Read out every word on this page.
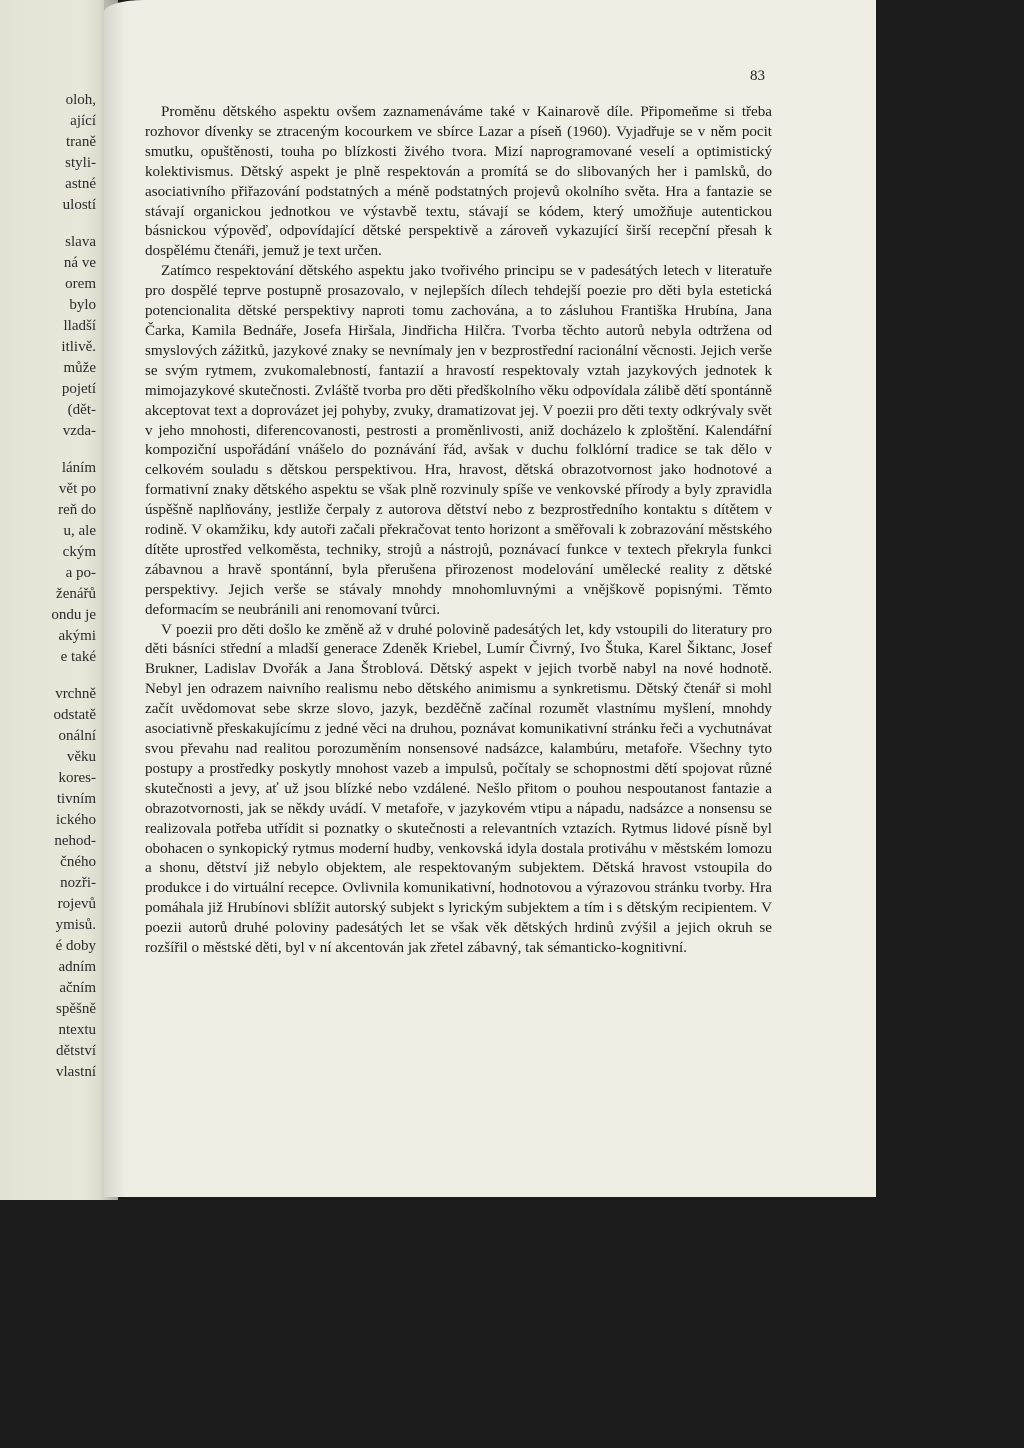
oloh,
ající
traně
styli-
astné
ulostí
slava
ná ve
orem
bylo
lladší
itlivě.
může
pojetí
(dět-
vzda-
láním
vět po
reň do
u, ale
ckým
a po-
ženářů
ondu je
akými
e také
vrchně
odstatě
onální
věku
kores-
tivním
ického
nehod-
čného
nozři-
rojevů
ymisů.
é doby
adním
ačním
spěšně
ntextu
dětství
vlastní
83

Proměnu dětského aspektu ovšem zaznamenáváme také v Kainarově díle. Připomeňme si třeba rozhovor dívenky se ztraceným kocourkem ve sbírce Lazar a píseň (1960). Vyjadřuje se v něm pocit smutku, opuštěnosti, touha po blízkosti živého tvora. Mizí naprogramované veselí a optimistický kolektivismus. Dětský aspekt je plně respektován a promítá se do slibovaných her i pamlsků, do asociativního přiřazování podstatných a méně podstatných projevů okolního světa. Hra a fantazie se stávají organickou jednotkou ve výstavbě textu, stávají se kódem, který umožňuje autentickou básnickou výpověď, odpovídající dětské perspektivě a zároveň vykazující širší recepční přesah k dospělému čtenáři, jemuž je text určen.

Zatímco respektování dětského aspektu jako tvořivého principu se v padesátých letech v literatuře pro dospělé teprve postupně prosazovalo, v nejlepších dílech tehdejší poezie pro děti byla estetická potencionalita dětské perspektivy naproti tomu zachována, a to zásluhou Františka Hrubína, Jana Čarka, Kamila Bednáře, Josefa Hiršala, Jindřicha Hilčra. Tvorba těchto autorů nebyla odtržena od smyslových zážitků, jazykové znaky se nevnímaly jen v bezprostřední racionální věcnosti. Jejich verše se svým rytmem, zvukomalebností, fantazií a hravostí respektovaly vztah jazykových jednotek k mimojazykové skutečnosti. Zvláště tvorba pro děti předškolního věku odpovídala zálibě dětí spontánně akceptovat text a doprovázet jej pohyby, zvuky, dramatizovat jej. V poezii pro děti texty odkrývaly svět v jeho mnohosti, diferencovanosti, pestrosti a proměnlivosti, aniž docházelo k zploštění. Kalendářní kompoziční uspořádání vnášelo do poznávání řád, avšak v duchu folklórní tradice se tak dělo v celkovém souladu s dětskou perspektivou. Hra, hravost, dětská obrazotvornost jako hodnotové a formativní znaky dětského aspektu se však plně rozvinuly spíše ve venkovské přírody a byly zpravidla úspěšně naplňovány, jestliže čerpaly z autorova dětství nebo z bezprostředního kontaktu s dítětem v rodině. V okamžiku, kdy autoři začali překračovat tento horizont a směřovali k zobrazování městského dítěte uprostřed velkoměsta, techniky, strojů a nástrojů, poznávací funkce v textech překryla funkci zábavnou a hravě spontánní, byla přerušena přirozenost modelování umělecké reality z dětské perspektivy. Jejich verše se stávaly mnohdy mnohomluvnými a vnějškově popisnými. Těmto deformacím se neubránili ani renomovaní tvůrci.

V poezii pro děti došlo ke změně až v druhé polovině padesátých let, kdy vstoupili do literatury pro děti básníci střední a mladší generace Zdeněk Kriebel, Lumír Čivrný, Ivo Štuka, Karel Šiktanc, Josef Brukner, Ladislav Dvořák a Jana Štroblová. Dětský aspekt v jejich tvorbě nabyl na nové hodnotě. Nebyl jen odrazem naivního realismu nebo dětského animismu a synkretismu. Dětský čtenář si mohl začít uvědomovat sebe skrze slovo, jazyk, bezděčně začínal rozumět vlastnímu myšlení, mnohdy asociativně přeskakujícímu z jedné věci na druhou, poznávat komunikativní stránku řeči a vychutnávat svou převahu nad realitou porozuměním nonsensové nadsázce, kalambúru, metafoře. Všechny tyto postupy a prostředky poskytly mnohost vazeb a impulsů, počítaly se schopnostmi dětí spojovat různé skutečnosti a jevy, ať už jsou blízké nebo vzdálené. Nešlo přitom o pouhou nespoutanost fantazie a obrazotvornosti, jak se někdy uvádí. V metafoře, v jazykovém vtipu a nápadu, nadsázce a nonsensu se realizovala potřeba utřídit si poznatky o skutečnosti a relevantních vztazích. Rytmus lidové písně byl obohacen o synkopický rytmus moderní hudby, venkovská idyla dostala protiváhu v městském lomozu a shonu, dětství již nebylo objektem, ale respektovaným subjektem. Dětská hravost vstoupila do produkce i do virtuální recepce. Ovlivnila komunikativní, hodnotovou a výrazovou stránku tvorby. Hra pomáhala již Hrubínovi sblížit autorský subjekt s lyrickým subjektem a tím i s dětským recipientem. V poezii autorů druhé poloviny padesátých let se však věk dětských hrdinů zvýšil a jejich okruh se rozšířil o městské děti, byl v ní akcentován jak zřetel zábavný, tak sémanticko-kognitivní.
